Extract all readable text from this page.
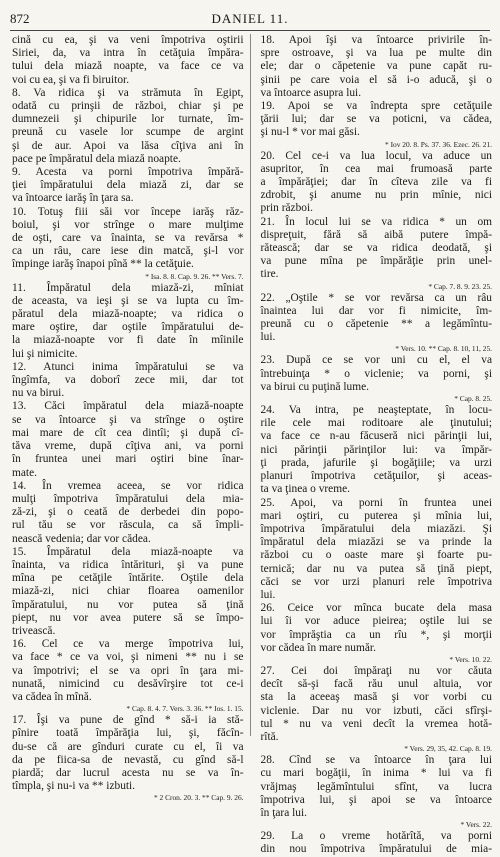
872	DANIEL 11.
cină cu ea, şi va veni împotriva oştirii
Siriei, da, va intra în cetăţuia împăra-
tului dela miază noapte, va face ce va
voi cu ea, şi va fi biruitor.
8. Va ridica şi va strămuta în Egipt,
odată cu prinşii de război, chiar şi pe
dumnezeii şi chipurile lor turnate, îm-
preună cu vasele lor scumpe de argint
şi de aur. Apoi va lăsa cîţiva ani în
pace pe împăratul dela miază noapte.
9. Acesta va porni împotriva împără-
ţiei împăratului dela miază zi, dar se
va întoarce iarăş în ţara sa.
10. Totuş fiii săi vor începe iarăş răz-
boiul, şi vor strînge o mare mulţime
de oşti, care va înainta, se va revărsa *
ca un râu, care iese din matcă, şi-l vor
împinge iarăş înapoi pînă ** la cetăţuie.
* Isa. 8. 8. Cap. 9. 26. ** Vers. 7.
11. Împăratul dela miază-zi, mîniat
de aceasta, va ieşi şi se va lupta cu îm-
păratul dela miază-noapte; va ridica o
mare oştire, dar oştile împăratului de-
la miază-noapte vor fi date în mîinile
lui şi nimicite.
12. Atunci inima împăratului se va
îngîmfa, va doborî zece mii, dar tot
nu va birui.
13. Căci împăratul dela miază-noapte
se va întoarce şi va strînge o oştire
mai mare de cît cea dintîi; şi după cî-
tăva vreme, după cîţiva ani, va porni
în fruntea unei mari oştiri bine înar-
mate.
14. În vremea aceea, se vor ridica
mulţi împotriva împăratului dela mia-
ză-zi, şi o ceată de derbedei din popo-
rul tău se vor răscula, ca să împli-
nească vedenia; dar vor cădea.
15. Împăratul dela miază-noapte va
înainta, va ridica întărituri, şi va pune
mîna pe cetăţile întărite. Oştile dela
miază-zi, nici chiar floarea oamenilor
împăratului, nu vor putea să ţină
piept, nu vor avea putere să se împo-
trivească.
16. Cel ce va merge împotriva lui,
va face * ce va voi, şi nimeni ** nu i se
va împotrivi; el se va opri în ţara mi-
nunată, nimicind cu desăvîrşire tot ce-i
va cădea în mînă.
* Cap. 8. 4. 7. Vers. 3. 36. ** Ios. 1. 15.
17. Îşi va pune de gînd * să-i ia stă-
pînire toată împărăţia lui, şi, făcîn-
du-se că are gînduri curate cu el, îi va
da pe fiica-sa de nevastă, cu gînd să-l
piardă; dar lucrul acesta nu se va în-
tîmpla, şi nu-i va ** izbuti.
* 2 Cron. 20. 3. ** Cap. 9. 26.
18. Apoi îşi va întoarce privirile în-
spre ostroave, şi va lua pe multe din
ele; dar o căpetenie va pune capăt ru-
şinii pe care voia el să i-o aducă, şi o
va întoarce asupra lui.
19. Apoi se va îndrepta spre cetăţuile
ţării lui; dar se va poticni, va cădea,
şi nu-l * vor mai găsi.
* Iov 20. 8. Ps. 37. 36. Ezec. 26. 21.
20. Cel ce-i va lua locul, va aduce un
asupritor, în cea mai frumoasă parte
a împărăţiei; dar în cîteva zile va fi
zdrobit, şi anume nu prin mînie, nici
prin război.
21. În locul lui se va ridica * un om
dispreţuit, fără să aibă putere împă-
rătească; dar se va ridica deodată, şi
va pune mîna pe împărăţie prin unel-
tire.
* Cap. 7. 8. 9. 23. 25.
22. „Oştile * se vor revărsa ca un râu
înaintea lui dar vor fi nimicite, îm-
preună cu o căpetenie ** a legămîntu-
lui.
* Vers. 10. ** Cap. 8. 10, 11, 25.
23. După ce se vor uni cu el, el va
întrebuinţa * o viclenie; va porni, şi
va birui cu puţină lume.
* Cap. 8. 25.
24. Va intra, pe neaşteptate, în locu-
rile cele mai roditoare ale ţinutului;
va face ce n-au făcuseră nici părinţii lui,
nici părinţii părinţilor lui: va împăr-
ţi prada, jafurile şi bogăţiile; va urzi
planuri împotriva cetăţuilor, şi aceas-
ta va ţinea o vreme.
25. Apoi, va porni în fruntea unei
mari oştiri, cu puterea şi mînia lui,
împotriva împăratului dela miazăzi. Şi
împăratul dela miazăzi se va prinde la
război cu o oaste mare şi foarte pu-
ternică; dar nu va putea să ţină piept,
căci se vor urzi planuri rele împotriva
lui.
26. Ceice vor mînca bucate dela masa
lui îi vor aduce pieirea; oştile lui se
vor împrăştia ca un rîu *, şi morţii
vor cădea în mare număr.
* Vers. 10. 22.
27. Cei doi împăraţi nu vor căuta
decît să-şi facă rău unul altuia, vor
sta la aceeaş masă şi vor vorbi cu
viclenie. Dar nu vor izbuti, căci sfîrşi-
tul * nu va veni decît la vremea hotă-
rîtă.
* Vers. 29, 35, 42. Cap. 8. 19.
28. Cînd se va întoarce în ţara lui
cu mari bogăţii, în inima * lui va fi
vrăjmaş legămîntului sfînt, va lucra
împotriva lui, şi apoi se va întoarce
în ţara lui.
* Vers. 22.
29. La o vreme hotărîtă, va porni
din nou împotriva împăratului de mia-
